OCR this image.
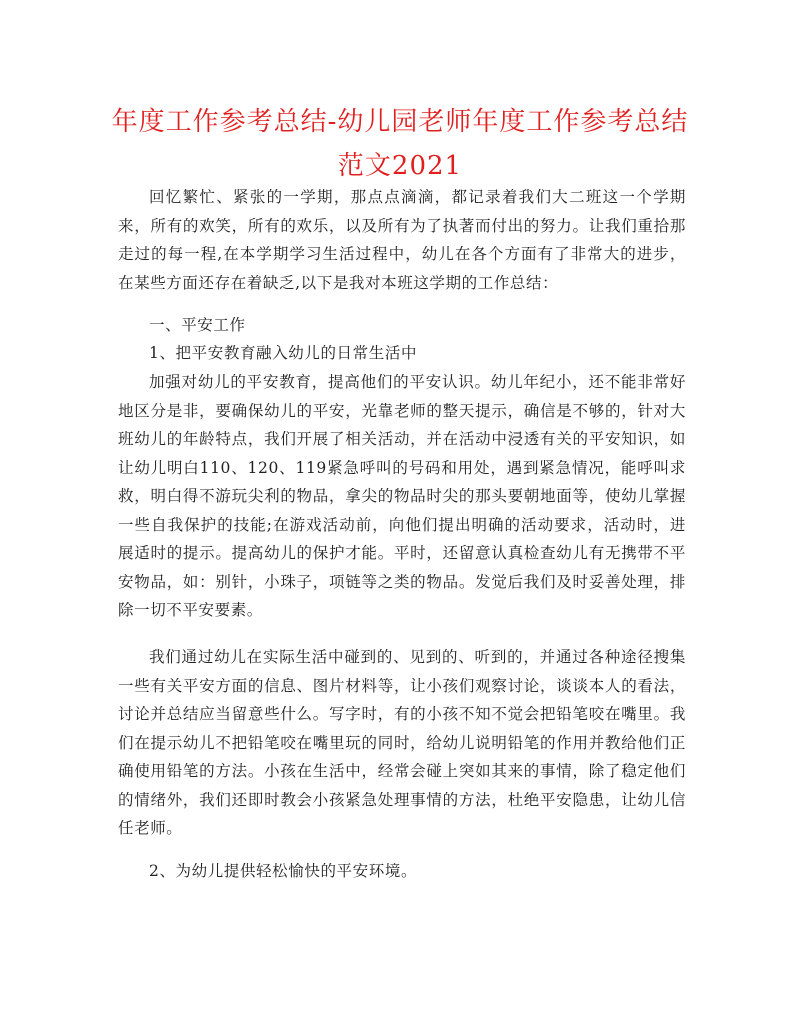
年度工作参考总结-幼儿园老师年度工作参考总结范文2021

回忆繁忙、紧张的一学期，那点点滴滴，都记录着我们大二班这一个学期来，所有的欢笑，所有的欢乐，以及所有为了执著而付出的努力。让我们重拾那走过的每一程,在本学期学习生活过程中，幼儿在各个方面有了非常大的进步，在某些方面还存在着缺乏,以下是我对本班这学期的工作总结：

一、平安工作

1、把平安教育融入幼儿的日常生活中

加强对幼儿的平安教育，提高他们的平安认识。幼儿年纪小，还不能非常好地区分是非，要确保幼儿的平安，光靠老师的整天提示，确信是不够的，针对大班幼儿的年龄特点，我们开展了相关活动，并在活动中浸透有关的平安知识，如让幼儿明白110、120、119紧急呼叫的号码和用处，遇到紧急情况，能呼叫求救，明白得不游玩尖利的物品，拿尖的物品时尖的那头要朝地面等，使幼儿掌握一些自我保护的技能;在游戏活动前，向他们提出明确的活动要求，活动时，进展适时的提示。提高幼儿的保护才能。平时，还留意认真检查幼儿有无携带不平安物品，如：别针，小珠子，项链等之类的物品。发觉后我们及时妥善处理，排除一切不平安要素。

我们通过幼儿在实际生活中碰到的、见到的、听到的，并通过各种途径搜集一些有关平安方面的信息、图片材料等，让小孩们观察讨论，谈谈本人的看法，讨论并总结应当留意些什么。写字时，有的小孩不知不觉会把铅笔咬在嘴里。我们在提示幼儿不把铅笔咬在嘴里玩的同时，给幼儿说明铅笔的作用并教给他们正确使用铅笔的方法。小孩在生活中，经常会碰上突如其来的事情，除了稳定他们的情绪外，我们还即时教会小孩紧急处理事情的方法，杜绝平安隐患，让幼儿信任老师。

2、为幼儿提供轻松愉快的平安环境。
